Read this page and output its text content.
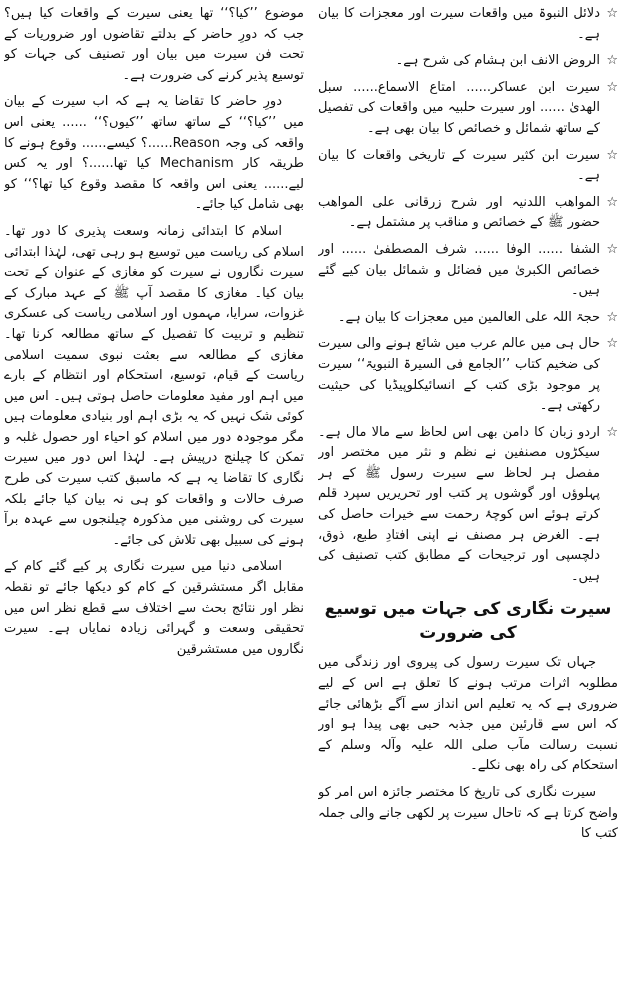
☆
دلائل النبوۃ میں واقعات سیرت اور معجزات کا بیان ہے۔

☆
الروض الانف ابن ہشام کی شرح ہے۔

☆
سیرت ابن عساکر...... امتاع الاسماع...... سبل الھدیٰ ...... اور سیرت حلبیہ میں واقعات کی تفصیل کے ساتھ شمائل و خصائص کا بیان بھی ہے۔

☆
سیرت ابن کثیر سیرت کے تاریخی واقعات کا بیان ہے۔

☆
المواھب اللدنیہ اور شرح زرقانی علی المواھب حضور ﷺ کے خصائص و مناقب پر مشتمل ہے۔

☆
الشفا ...... الوفا ...... شرف المصطفیٰ ...... اور خصائص الکبریٰ میں فضائل و شمائل بیان کیے گئے ہیں۔

☆
حجۃ اللہ علی العالمین میں معجزات کا بیان ہے۔

☆
حال ہی میں عالم عرب میں شائع ہونے والی سیرت کی ضخیم کتاب ’’الجامع فی السیرۃ النبویۃ‘‘ سیرت پر موجود بڑی کتب کے انسائیکلوپیڈیا کی حیثیت رکھتی ہے۔

☆
اردو زبان کا دامن بھی اس لحاظ سے مالا مال ہے۔ سیکڑوں مصنفین نے نظم و نثر میں مختصر اور مفصل ہر لحاظ سے سیرت رسول ﷺ کے ہر پہلوؤں اور گوشوں پر کتب اور تحریریں سپرد قلم کرتے ہوئے اس کوچۂ رحمت سے خیرات حاصل کی ہے۔ الغرض ہر مصنف نے اپنی افتادِ طبع، ذوق، دلچسپی اور ترجیحات کے مطابق کتب تصنیف کی ہیں۔

سیرت نگاری کی جہات میں توسیع کی ضرورت

جہاں تک سیرت رسول کی پیروی اور زندگی میں مطلوبہ اثرات مرتب ہونے کا تعلق ہے اس کے لیے ضروری ہے کہ یہ تعلیم اس انداز سے آگے بڑھائی جائے کہ اس سے قارئین میں جذبہ حبی بھی پیدا ہو اور نسبت رسالت مآب صلی اللہ علیہ وآلہ وسلم کے استحکام کی راہ بھی نکلے۔

سیرت نگاری کی تاریخ کا مختصر جائزہ اس امر کو واضح کرتا ہے کہ تاحال سیرت پر لکھی جانے والی جملہ کتب کا

موضوع ’’کیا؟‘‘ تھا یعنی سیرت کے واقعات کیا ہیں؟ جب کہ دورِ حاضر کے بدلتے تقاضوں اور ضروریات کے تحت فن سیرت میں بیان اور تصنیف کی جہات کو توسیع پذیر کرنے کی ضرورت ہے۔

دورِ حاضر کا تقاضا یہ ہے کہ اب سیرت کے بیان میں ’’کیا؟‘‘ کے ساتھ ساتھ ’’کیوں؟‘‘ ...... یعنی اس واقعہ کی وجہ Reason......؟ کیسے...... وقوع ہونے کا طریقہ کار Mechanism کیا تھا......؟ اور یہ کس لیے...... یعنی اس واقعہ کا مقصد وقوع کیا تھا؟‘‘ کو بھی شامل کیا جائے۔

اسلام کا ابتدائی زمانہ وسعت پذیری کا دور تھا۔ اسلام کی ریاست میں توسیع ہو رہی تھی، لہٰذا ابتدائی سیرت نگاروں نے سیرت کو مغازی کے عنوان کے تحت بیان کیا۔ مغازی کا مقصد آپ ﷺ کے عہد مبارک کے غزوات، سرایا، مہموں اور اسلامی ریاست کی عسکری تنظیم و تربیت کا تفصیل کے ساتھ مطالعہ کرنا تھا۔ مغازی کے مطالعہ سے بعثت نبوی سمیت اسلامی ریاست کے قیام، توسیع، استحکام اور انتظام کے بارے میں اہم اور مفید معلومات حاصل ہوتی ہیں۔ اس میں کوئی شک نہیں کہ یہ بڑی اہم اور بنیادی معلومات ہیں مگر موجودہ دور میں اسلام کو احیاء اور حصول غلبہ و تمکن کا چیلنج درپیش ہے۔ لہٰذا اس دور میں سیرت نگاری کا تقاضا یہ ہے کہ ماسبق کتب سیرت کی طرح صرف حالات و واقعات کو ہی نہ بیان کیا جائے بلکہ سیرت کی روشنی میں مذکورہ چیلنجوں سے عہدہ برآ ہونے کی سبیل بھی تلاش کی جائے۔

اسلامی دنیا میں سیرت نگاری پر کیے گئے کام کے مقابل اگر مستشرقین کے کام کو دیکھا جائے تو نقطہ نظر اور نتائج بحث سے اختلاف سے قطع نظر اس میں تحقیقی وسعت و گہرائی زیادہ نمایاں ہے۔ سیرت نگاروں میں مستشرقین
